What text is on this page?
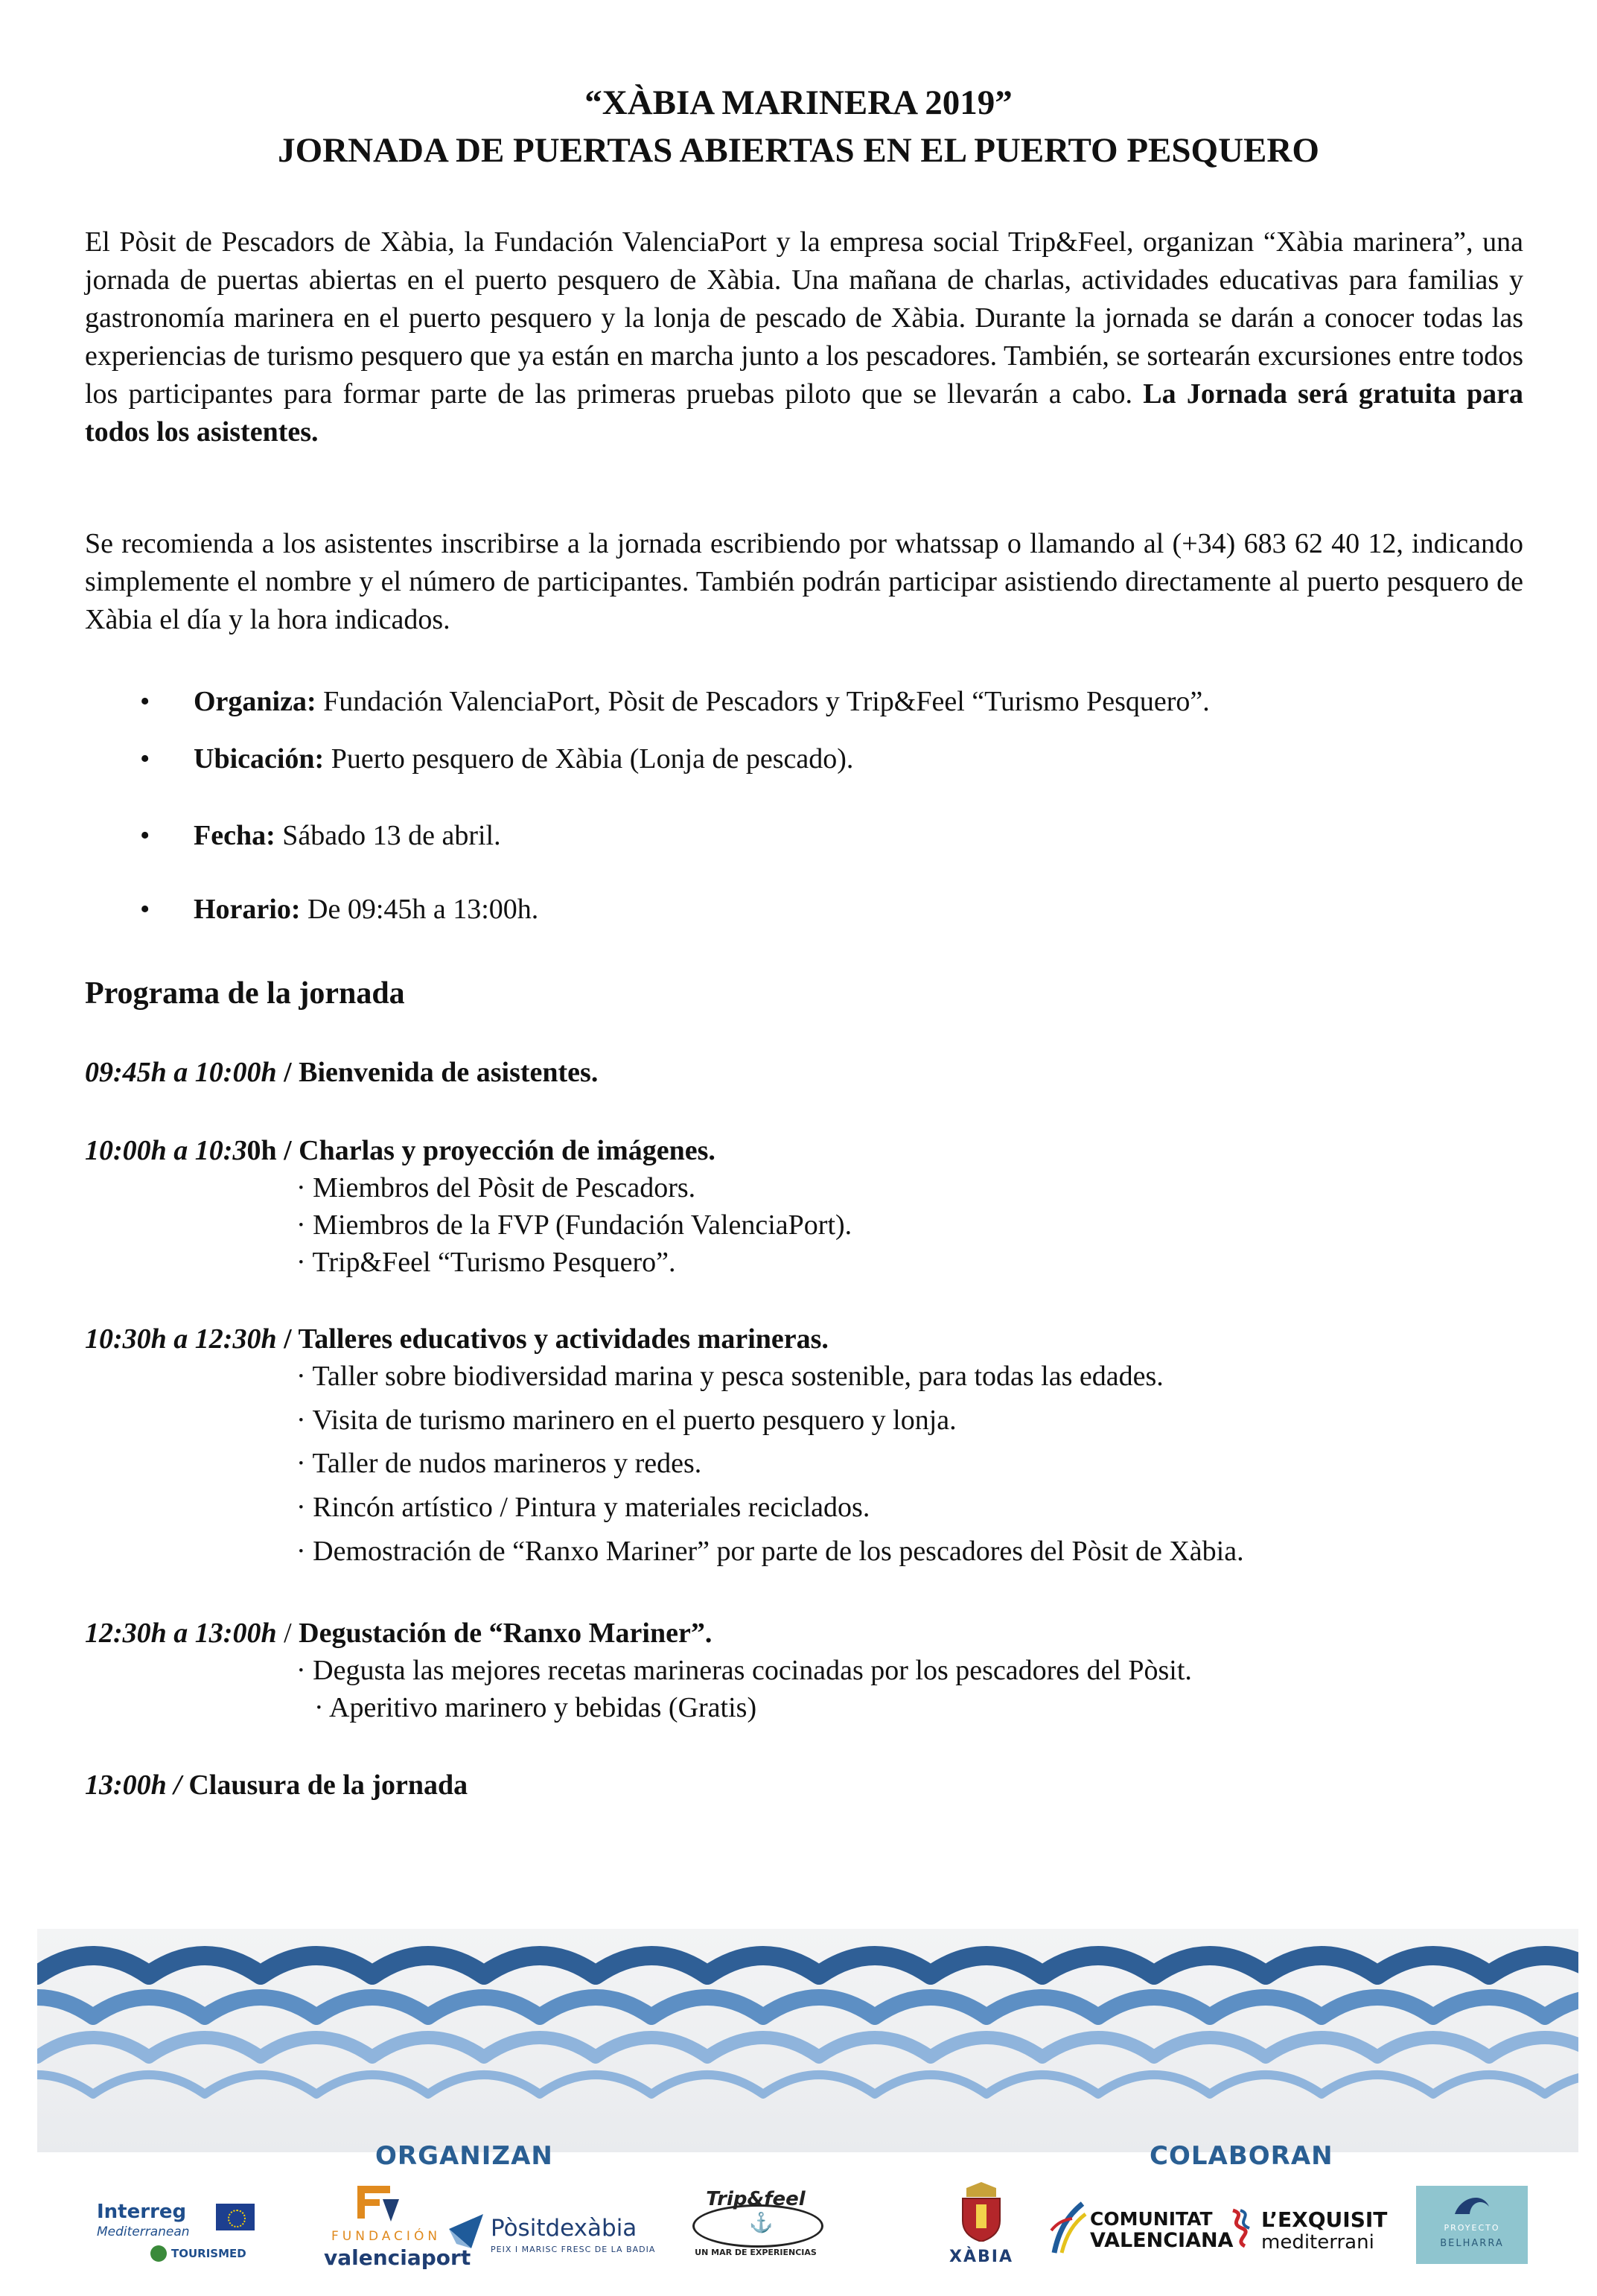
“XÀBIA MARINERA 2019”
JORNADA DE PUERTAS ABIERTAS EN EL PUERTO PESQUERO
El Pòsit de Pescadors de Xàbia, la Fundación ValenciaPort y la empresa social Trip&Feel, organizan “Xàbia marinera”, una jornada de puertas abiertas en el puerto pesquero de Xàbia. Una mañana de charlas, actividades educativas para familias y gastronomía marinera en el puerto pesquero y la lonja de pescado de Xàbia. Durante la jornada se darán a conocer todas las experiencias de turismo pesquero que ya están en marcha junto a los pescadores. También, se sortearán excursiones entre todos los participantes para formar parte de las primeras pruebas piloto que se llevarán a cabo. La Jornada será gratuita para todos los asistentes.
Se recomienda a los asistentes inscribirse a la jornada escribiendo por whatssap o llamando al (+34) 683 62 40 12, indicando simplemente el nombre y el número de participantes. También podrán participar asistiendo directamente al puerto pesquero de Xàbia el día y la hora indicados.
• Organiza: Fundación ValenciaPort, Pòsit de Pescadors y Trip&Feel “Turismo Pesquero”.
• Ubicación: Puerto pesquero de Xàbia (Lonja de pescado).
• Fecha: Sábado 13 de abril.
• Horario: De 09:45h a 13:00h.
Programa de la jornada
09:45h a 10:00h / Bienvenida de asistentes.
10:00h a 10:30h / Charlas y proyección de imágenes.
· Miembros del Pòsit de Pescadors.
· Miembros de la FVP (Fundación ValenciaPort).
· Trip&Feel “Turismo Pesquero”.
10:30h a 12:30h / Talleres educativos y actividades marineras.
· Taller sobre biodiversidad marina y pesca sostenible, para todas las edades.
· Visita de turismo marinero en el puerto pesquero y lonja.
· Taller de nudos marineros y redes.
· Rincón artístico / Pintura y materiales reciclados.
· Demostración de “Ranxo Mariner” por parte de los pescadores del Pòsit de Xàbia.
12:30h a 13:00h / Degustación de “Ranxo Mariner”.
· Degusta las mejores recetas marineras cocinadas por los pescadores del Pòsit.
· Aperitivo marinero y bebidas (Gratis)
13:00h / Clausura de la jornada
ORGANIZAN	COLABORAN
Interreg
Mediterranean
TOURISMED
FUNDACIÓN
valenciaport
Pòsitdexàbia
PEIX I MARISC FRESC DE LA BADIA
Trip&feel
⚓
UN MAR DE EXPERIENCIAS	XÀBIA
COMUNITAT
VALENCIANA
L’EXQUISIT
mediterrani
PROYECTO
BELHARRA
